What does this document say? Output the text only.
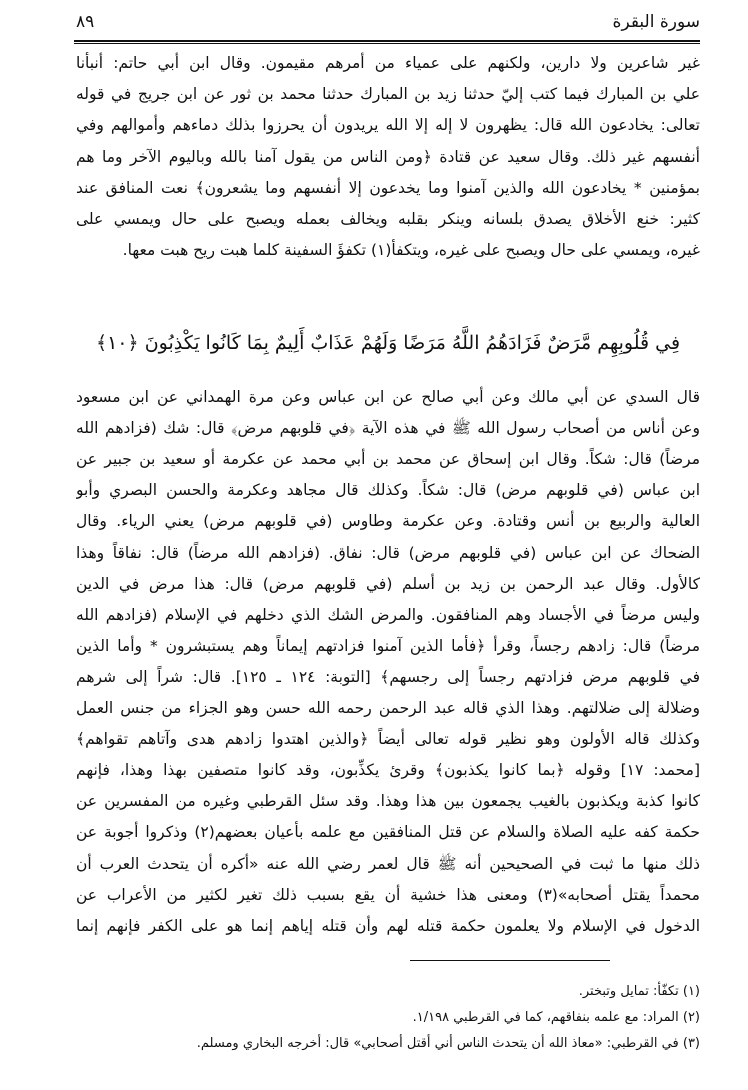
٨٩	سورة البقرة
غير شاعرين ولا دارين، ولكنهم على عمياء من أمرهم مقيمون. وقال ابن أبي حاتم: أنبأنا
علي بن المبارك فيما كتب إليّ حدثنا زيد بن المبارك حدثنا محمد بن ثور عن ابن جريج في قوله
تعالى: يخادعون الله قال: يظهرون لا إله إلا الله يريدون أن يحرزوا بذلك دماءهم وأموالهم وفي
أنفسهم غير ذلك. وقال سعيد عن قتادة ﴿ومن الناس من يقول آمنا بالله وباليوم الآخر وما هم
بمؤمنين * يخادعون الله والذين آمنوا وما يخدعون إلا أنفسهم وما يشعرون﴾ نعت المنافق عند
كثير: خنع الأخلاق يصدق بلسانه وينكر بقلبه ويخالف بعمله ويصبح على حال ويمسي على
غيره، ويمسي على حال ويصبح على غيره، ويتكفأ(١) تكفؤَ السفينة كلما هبت ريح هبت معها.
فِي قُلُوبِهِم مَّرَضٌ فَزَادَهُمُ اللَّهُ مَرَضًا وَلَهُمْ عَذَابٌ أَلِيمٌ بِمَا كَانُوا يَكْذِبُونَ ﴿١٠﴾
قال السدي عن أبي مالك وعن أبي صالح عن ابن عباس وعن مرة الهمداني عن ابن مسعود
وعن أناس من أصحاب رسول الله ﷺ في هذه الآية ﴿في قلوبهم مرض﴾ قال: شك (فزادهم الله
مرضاً) قال: شكاً. وقال ابن إسحاق عن محمد بن أبي محمد عن عكرمة أو سعيد بن جبير عن
ابن عباس (في قلوبهم مرض) قال: شكاً. وكذلك قال مجاهد وعكرمة والحسن البصري وأبو
العالية والربيع بن أنس وقتادة. وعن عكرمة وطاوس (في قلوبهم مرض) يعني الرياء. وقال
الضحاك عن ابن عباس (في قلوبهم مرض) قال: نفاق. (فزادهم الله مرضاً) قال: نفاقاً وهذا
كالأول. وقال عبد الرحمن بن زيد بن أسلم (في قلوبهم مرض) قال: هذا مرض في الدين
وليس مرضاً في الأجساد وهم المنافقون. والمرض الشك الذي دخلهم في الإسلام (فزادهم الله
مرضاً) قال: زادهم رجساً، وقرأ ﴿فأما الذين آمنوا فزادتهم إيماناً وهم يستبشرون * وأما الذين
في قلوبهم مرض فزادتهم رجساً إلى رجسهم﴾ [التوبة: ١٢٤ ـ ١٢٥]. قال: شراً إلى شرهم
وضلالة إلى ضلالتهم. وهذا الذي قاله عبد الرحمن رحمه الله حسن وهو الجزاء من جنس العمل
وكذلك قاله الأولون وهو نظير قوله تعالى أيضاً ﴿والذين اهتدوا زادهم هدى وآتاهم تقواهم﴾
[محمد: ١٧] وقوله ﴿بما كانوا يكذبون﴾ وقرئ يكذِّبون، وقد كانوا متصفين بهذا وهذا، فإنهم
كانوا كذبة ويكذبون بالغيب يجمعون بين هذا وهذا. وقد سئل القرطبي وغيره من المفسرين عن
حكمة كفه عليه الصلاة والسلام عن قتل المنافقين مع علمه بأعيان بعضهم(٢) وذكروا أجوبة عن
ذلك منها ما ثبت في الصحيحين أنه ﷺ قال لعمر رضي الله عنه «أكره أن يتحدث العرب أن
محمداً يقتل أصحابه»(٣) ومعنى هذا خشية أن يقع بسبب ذلك تغير لكثير من الأعراب عن
الدخول في الإسلام ولا يعلمون حكمة قتله لهم وأن قتله إياهم إنما هو على الكفر فإنهم إنما
(١) تكفّأ: تمايل وتبختر.
(٢) المراد: مع علمه بنفاقهم، كما في القرطبي ١/١٩٨.
(٣) في القرطبي: «معاذ الله أن يتحدث الناس أني أقتل أصحابي» قال: أخرجه البخاري ومسلم.
